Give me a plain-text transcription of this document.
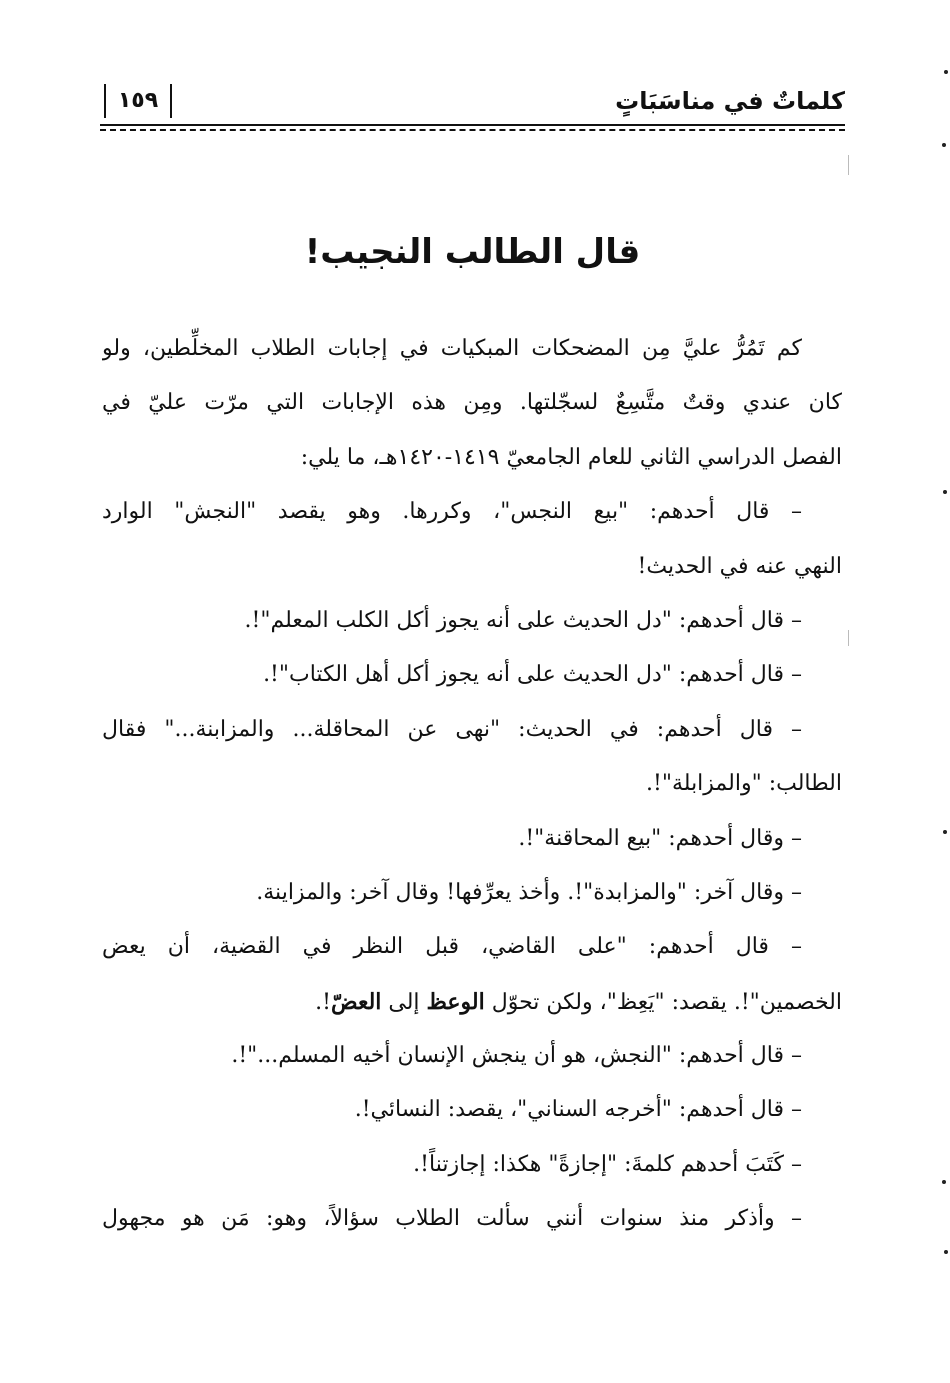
١٥٩	كلماتٌ في مناسَبَاتٍ
قال الطالب النجيب!
كم تَمُرُّ عليَّ مِن المضحكات المبكيات في إجابات الطلاب المخلِّطين، ولو
كان عندي وقتٌ متَّسِعٌ لسجّلتها. ومِن هذه الإجابات التي مرّت عليّ في
الفصل الدراسي الثاني للعام الجامعيّ ١٤١٩-١٤٢٠هـ، ما يلي:
– قال أحدهم: "بيع النجس"، وكررها. وهو يقصد "النجش" الوارد
النهي عنه في الحديث!
– قال أحدهم: "دل الحديث على أنه يجوز أكل الكلب المعلم"!.
– قال أحدهم: "دل الحديث على أنه يجوز أكل أهل الكتاب"!.
– قال أحدهم: في الحديث: "نهى عن المحاقلة... والمزابنة..." فقال
الطالب: "والمزابلة"!.
– وقال أحدهم: "بيع المحاقنة"!.
– وقال آخر: "والمزابدة"!. وأخذ يعرِّفها! وقال آخر: والمزاينة.
– قال أحدهم: "على القاضي، قبل النظر في القضية، أن يعض
الخصمين"!. يقصد: "يَعِظ"، ولكن تحوّل الوعظ إلى العضّ!.
– قال أحدهم: "النجش، هو أن ينجش الإنسان أخيه المسلم..."!.
– قال أحدهم: "أخرجه السناني"، يقصد: النسائي!.
– كَتَبَ أحدهم كلمةَ: "إجازةً" هكذا: إجازتناً!.
– وأذكر منذ سنوات أنني سألت الطلاب سؤالاً، وهو: مَن هو مجهول
